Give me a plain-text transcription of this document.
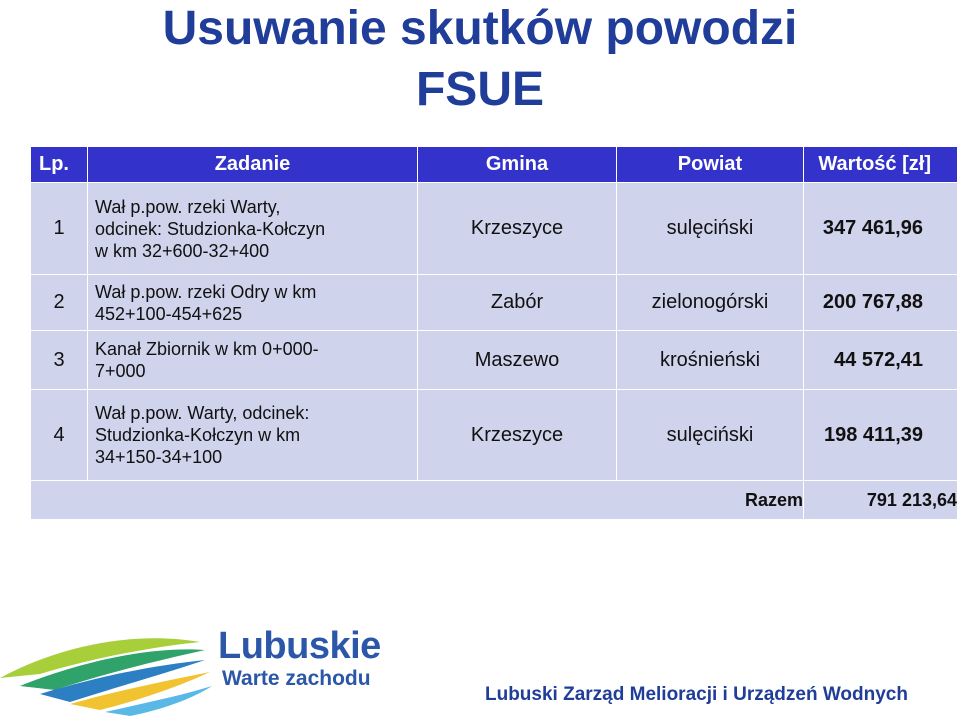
Usuwanie skutków powodzi
FSUE
Lp.	Zadanie	Gmina	Powiat	Wartość [zł]
1	Wał p.pow. rzeki Warty,
odcinek: Studzionka-Kołczyn
w km 32+600-32+400	Krzeszyce	sulęciński	347 461,96
2	Wał p.pow. rzeki Odry w km
452+100-454+625	Zabór	zielonogórski	200 767,88
3	Kanał Zbiornik w km 0+000-
7+000	Maszewo	krośnieński	44 572,41
4	Wał p.pow. Warty, odcinek:
Studzionka-Kołczyn w km
34+150-34+100	Krzeszyce	sulęciński	198 411,39
Razem				791 213,64
Lubuskie
Warte zachodu
Lubuski Zarząd Melioracji i Urządzeń Wodnych
